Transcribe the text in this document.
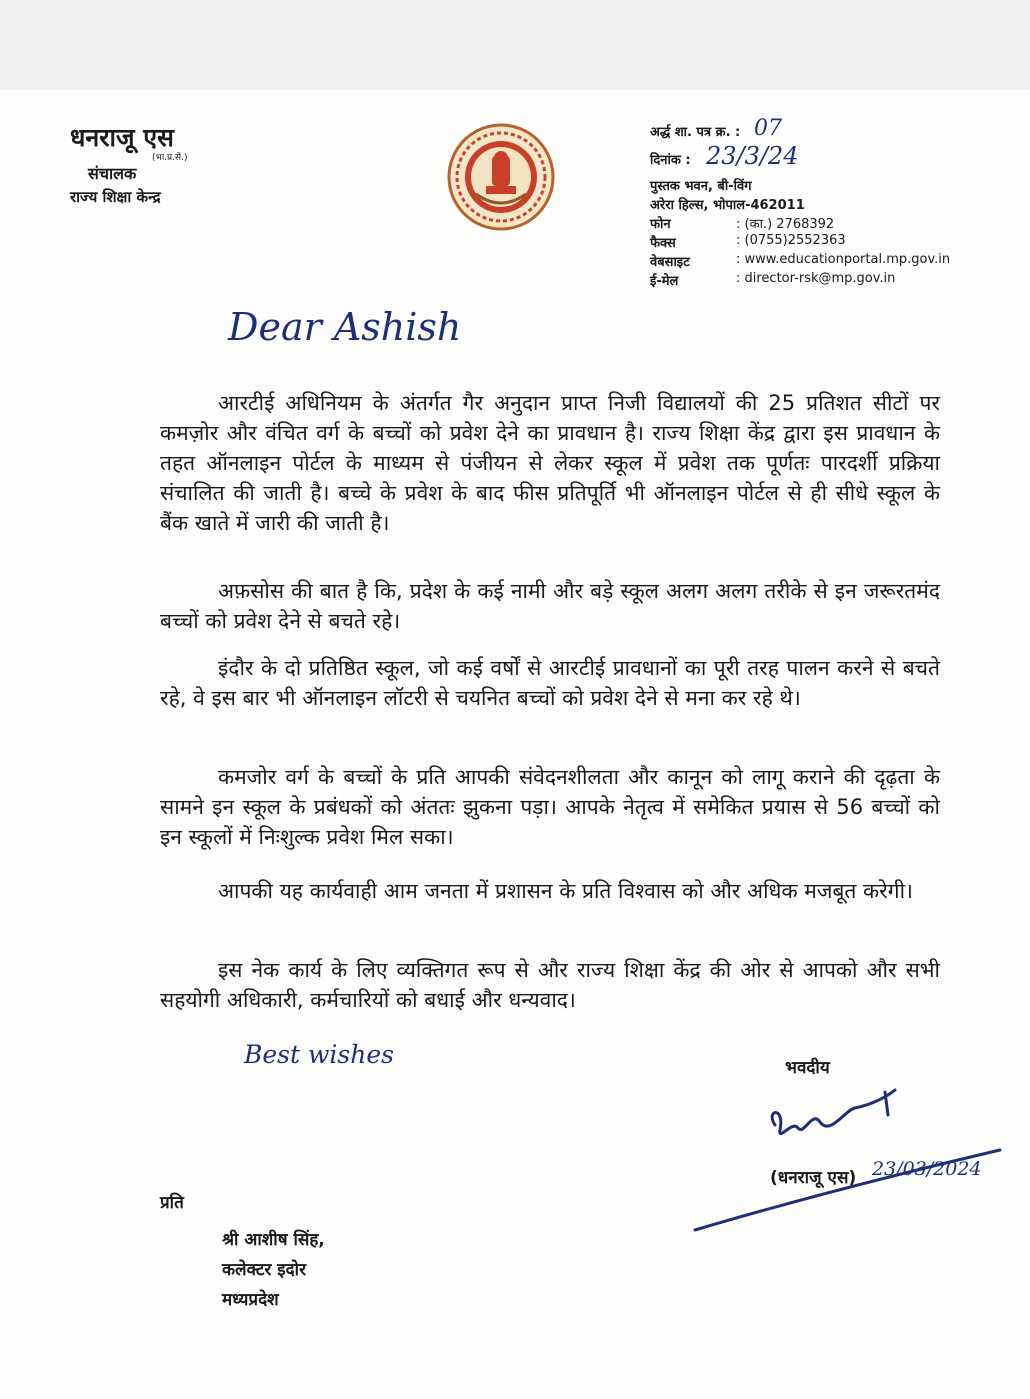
धनराजू एस
(भा.प्र.से.)
संचालक
राज्य शिक्षा केन्द्र
अर्द्ध शा. पत्र क्र. : 07
दिनांक : 23/3/24
पुस्तक भवन, बी-विंग
अरेरा हिल्स, भोपाल-462011
फोन	: (का.) 2768392
फैक्स	: (0755)2552363
वेबसाइट	: www.educationportal.mp.gov.in
ई-मेल	: director-rsk@mp.gov.in
Dear Ashish

आरटीई अधिनियम के अंतर्गत गैर अनुदान प्राप्त निजी विद्यालयों की 25 प्रतिशत सीटों पर कमज़ोर और वंचित वर्ग के बच्चों को प्रवेश देने का प्रावधान है। राज्य शिक्षा केंद्र द्वारा इस प्रावधान के तहत ऑनलाइन पोर्टल के माध्यम से पंजीयन से लेकर स्कूल में प्रवेश तक पूर्णतः पारदर्शी प्रक्रिया संचालित की जाती है। बच्चे के प्रवेश के बाद फीस प्रतिपूर्ति भी ऑनलाइन पोर्टल से ही सीधे स्कूल के बैंक खाते में जारी की जाती है।

अफ़सोस की बात है कि, प्रदेश के कई नामी और बड़े स्कूल अलग अलग तरीके से इन जरूरतमंद बच्चों को प्रवेश देने से बचते रहे।

इंदौर के दो प्रतिष्ठित स्कूल, जो कई वर्षों से आरटीई प्रावधानों का पूरी तरह पालन करने से बचते रहे, वे इस बार भी ऑनलाइन लॉटरी से चयनित बच्चों को प्रवेश देने से मना कर रहे थे।

कमजोर वर्ग के बच्चों के प्रति आपकी संवेदनशीलता और कानून को लागू कराने की दृढ़ता के सामने इन स्कूल के प्रबंधकों को अंततः झुकना पड़ा। आपके नेतृत्व में समेकित प्रयास से 56 बच्चों को इन स्कूलों में निःशुल्क प्रवेश मिल सका।

आपकी यह कार्यवाही आम जनता में प्रशासन के प्रति विश्वास को और अधिक मजबूत करेगी।

इस नेक कार्य के लिए व्यक्तिगत रूप से और राज्य शिक्षा केंद्र की ओर से आपको और सभी सहयोगी अधिकारी, कर्मचारियों को बधाई और धन्यवाद।

Best wishes	भवदीय
(धनराजू एस) 23/03/2024
प्रति
श्री आशीष सिंह,
कलेक्टर इदोर
मध्यप्रदेश
